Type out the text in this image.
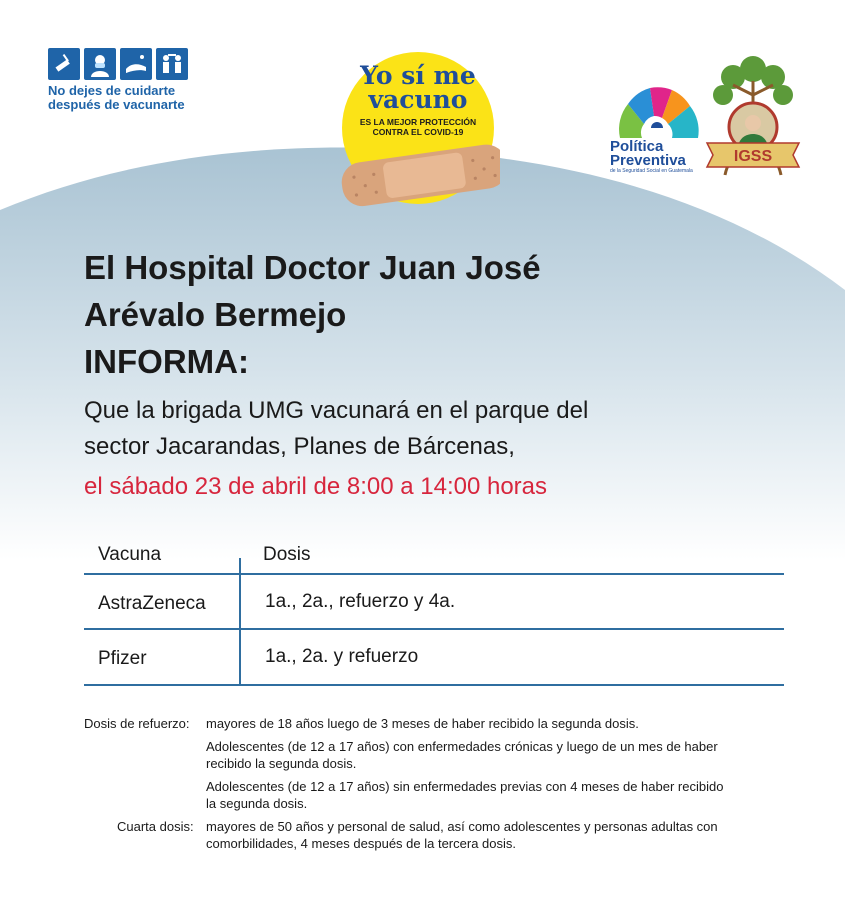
No dejes de cuidarte
después de vacunarte
Yo sí me
vacuno
ES LA MEJOR PROTECCIÓN
CONTRA EL COVID-19
Política
Preventiva
de la Seguridad Social en Guatemala
IGSS
El Hospital Doctor Juan José
Arévalo Bermejo
INFORMA:
Que la brigada UMG vacunará en el parque del
sector Jacarandas, Planes de Bárcenas,
el sábado 23 de abril de 8:00 a 14:00 horas
Vacuna	Dosis
AstraZeneca	1a., 2a., refuerzo y 4a.
Pfizer	1a., 2a. y refuerzo
Dosis de refuerzo: mayores de 18 años luego de 3 meses de haber recibido la segunda dosis.
Adolescentes (de 12 a 17 años) con enfermedades crónicas y luego de un mes de haber
recibido la segunda dosis.
Adolescentes (de 12 a 17 años) sin enfermedades previas con 4 meses de haber recibido
la segunda dosis.
Cuarta dosis: mayores de 50 años y personal de salud, así como adolescentes y personas adultas con
comorbilidades, 4 meses después de la tercera dosis.
